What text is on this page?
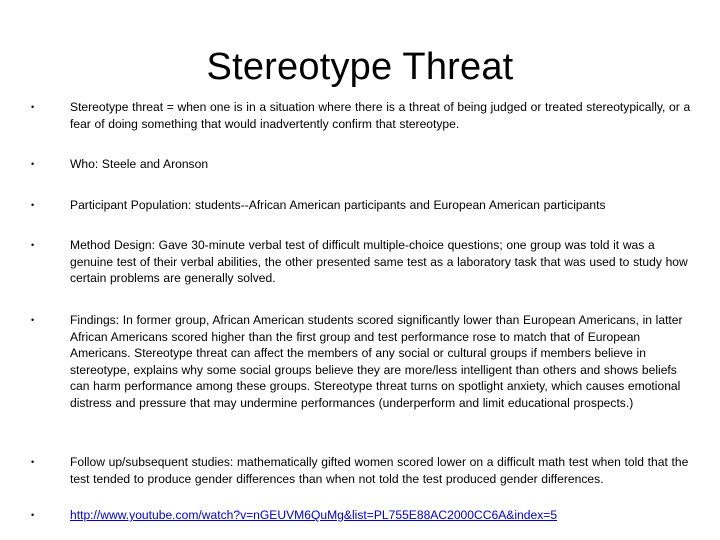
Stereotype Threat
•	Stereotype threat = when one is in a situation where there is a threat of being judged or treated stereotypically, or a fear of doing something that would inadvertently confirm that stereotype.
•	Who: Steele and Aronson
•	Participant Population: students--African American participants and European American participants
•	Method Design: Gave 30-minute verbal test of difficult multiple-choice questions; one group was told it was a genuine test of their verbal abilities, the other presented same test as a laboratory task that was used to study how certain problems are generally solved.
•	Findings: In former group, African American students scored significantly lower than European Americans, in latter African Americans scored higher than the first group and test performance rose to match that of European Americans. Stereotype threat can affect the members of any social or cultural groups if members believe in stereotype, explains why some social groups believe they are more/less intelligent than others and shows beliefs can harm performance among these groups. Stereotype threat turns on spotlight anxiety, which causes emotional distress and pressure that may undermine performances (underperform and limit educational prospects.)
•	Follow up/subsequent studies: mathematically gifted women scored lower on a difficult math test when told that the test tended to produce gender differences than when not told the test produced gender differences.
•	http://www.youtube.com/watch?v=nGEUVM6QuMg&list=PL755E88AC2000CC6A&index=5
